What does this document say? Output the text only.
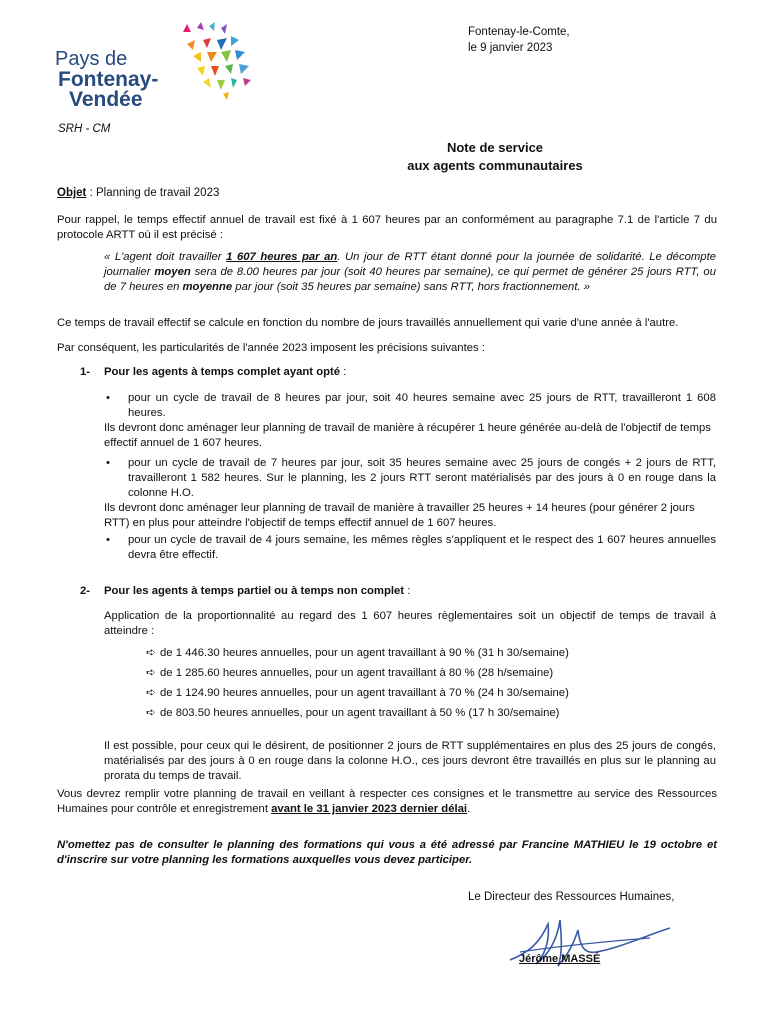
Pays de
Fontenay-
Vendée
SRH - CM
Fontenay-le-Comte,
le 9 janvier 2023
Note de service
aux agents communautaires
Objet : Planning de travail 2023
Pour rappel, le temps effectif annuel de travail est fixé à 1 607 heures par an conformément au paragraphe 7.1 de l'article 7 du protocole ARTT où il est précisé :
« L'agent doit travailler 1 607 heures par an. Un jour de RTT étant donné pour la journée de solidarité. Le décompte journalier moyen sera de 8.00 heures par jour (soit 40 heures par semaine), ce qui permet de générer 25 jours RTT, ou de 7 heures en moyenne par jour (soit 35 heures par semaine) sans RTT, hors fractionnement. »
Ce temps de travail effectif se calcule en fonction du nombre de jours travaillés annuellement qui varie d'une année à l'autre.
Par conséquent, les particularités de l'année 2023 imposent les précisions suivantes :
1- Pour les agents à temps complet ayant opté :
• pour un cycle de travail de 8 heures par jour, soit 40 heures semaine avec 25 jours de RTT, travailleront 1 608 heures.
Ils devront donc aménager leur planning de travail de manière à récupérer 1 heure générée au-delà de l'objectif de temps effectif annuel de 1 607 heures.
• pour un cycle de travail de 7 heures par jour, soit 35 heures semaine avec 25 jours de congés + 2 jours de RTT, travailleront 1 582 heures. Sur le planning, les 2 jours RTT seront matérialisés par des jours à 0 en rouge dans la colonne H.O.
Ils devront donc aménager leur planning de travail de manière à travailler 25 heures + 14 heures (pour générer 2 jours RTT) en plus pour atteindre l'objectif de temps effectif annuel de 1 607 heures.
• pour un cycle de travail de 4 jours semaine, les mêmes règles s'appliquent et le respect des 1 607 heures annuelles devra être effectif.
2- Pour les agents à temps partiel ou à temps non complet :
Application de la proportionnalité au regard des 1 607 heures règlementaires soit un objectif de temps de travail à atteindre :
➪ de 1 446.30 heures annuelles, pour un agent travaillant à 90 % (31 h 30/semaine)
➪ de 1 285.60 heures annuelles, pour un agent travaillant à 80 % (28 h/semaine)
➪ de 1 124.90 heures annuelles, pour un agent travaillant à 70 % (24 h 30/semaine)
➪ de 803.50 heures annuelles, pour un agent travaillant à 50 % (17 h 30/semaine)
Il est possible, pour ceux qui le désirent, de positionner 2 jours de RTT supplémentaires en plus des 25 jours de congés, matérialisés par des jours à 0 en rouge dans la colonne H.O., ces jours devront être travaillés en plus sur le planning au prorata du temps de travail.
Vous devrez remplir votre planning de travail en veillant à respecter ces consignes et le transmettre au service des Ressources Humaines pour contrôle et enregistrement avant le 31 janvier 2023 dernier délai.
N'omettez pas de consulter le planning des formations qui vous a été adressé par Francine MATHIEU le 19 octobre et d'inscrire sur votre planning les formations auxquelles vous devez participer.
Le Directeur des Ressources Humaines,
Jérôme MASSÉ
